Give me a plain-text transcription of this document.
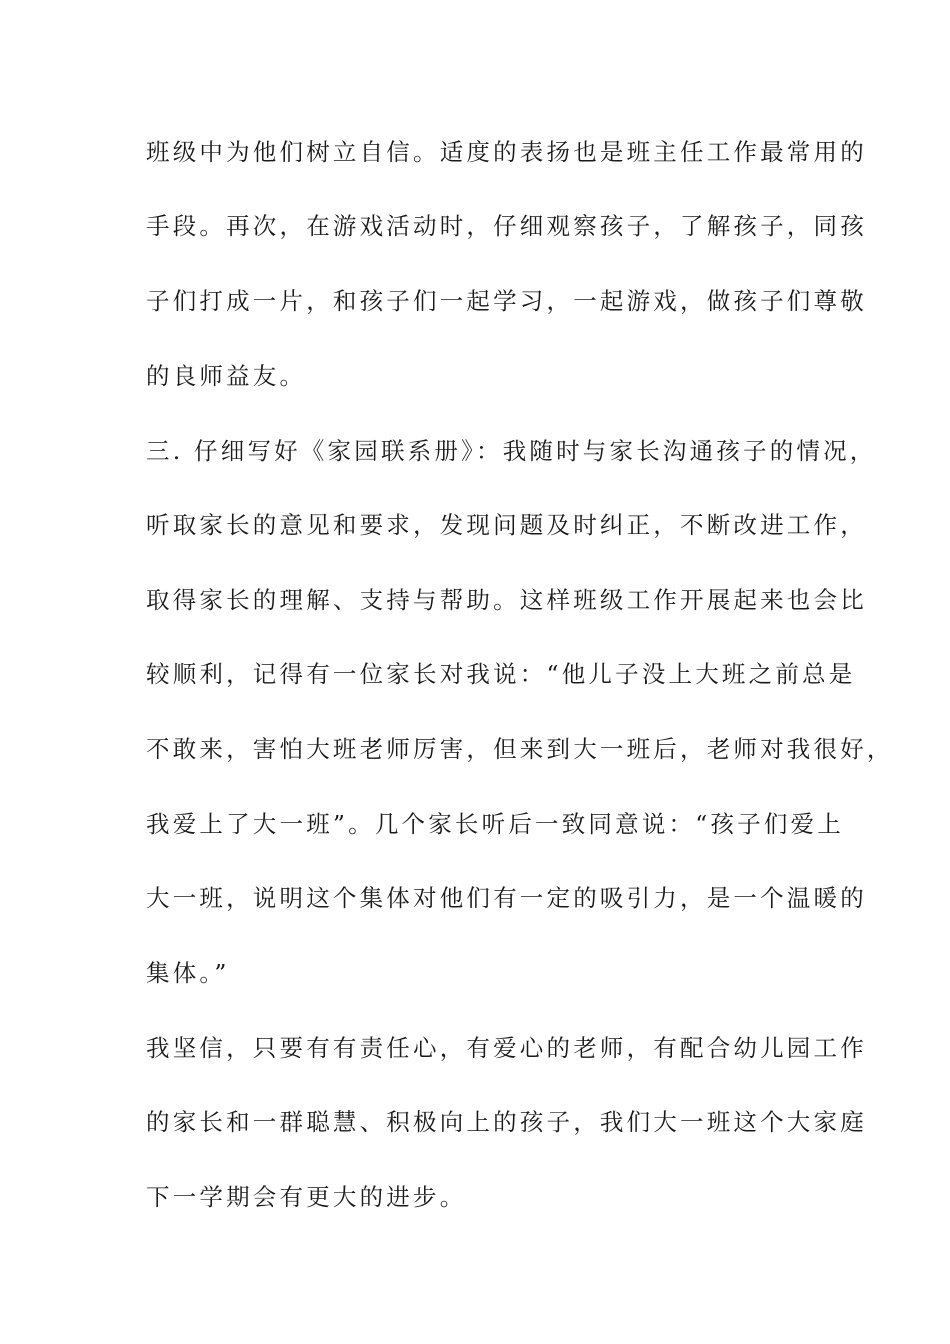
班级中为他们树立自信。适度的表扬也是班主任工作最常用的

手段。再次，在游戏活动时，仔细观察孩子，了解孩子，同孩

子们打成一片，和孩子们一起学习，一起游戏，做孩子们尊敬

的良师益友。

三. 仔细写好《家园联系册》：我随时与家长沟通孩子的情况，

听取家长的意见和要求，发现问题及时纠正，不断改进工作，

取得家长的理解、支持与帮助。这样班级工作开展起来也会比

较顺利，记得有一位家长对我说：“他儿子没上大班之前总是

不敢来，害怕大班老师厉害，但来到大一班后，老师对我很好，

我爱上了大一班”。几个家长听后一致同意说：“孩子们爱上

大一班，说明这个集体对他们有一定的吸引力，是一个温暖的

集体。”

我坚信，只要有有责任心，有爱心的老师，有配合幼儿园工作

的家长和一群聪慧、积极向上的孩子，我们大一班这个大家庭

下一学期会有更大的进步。
